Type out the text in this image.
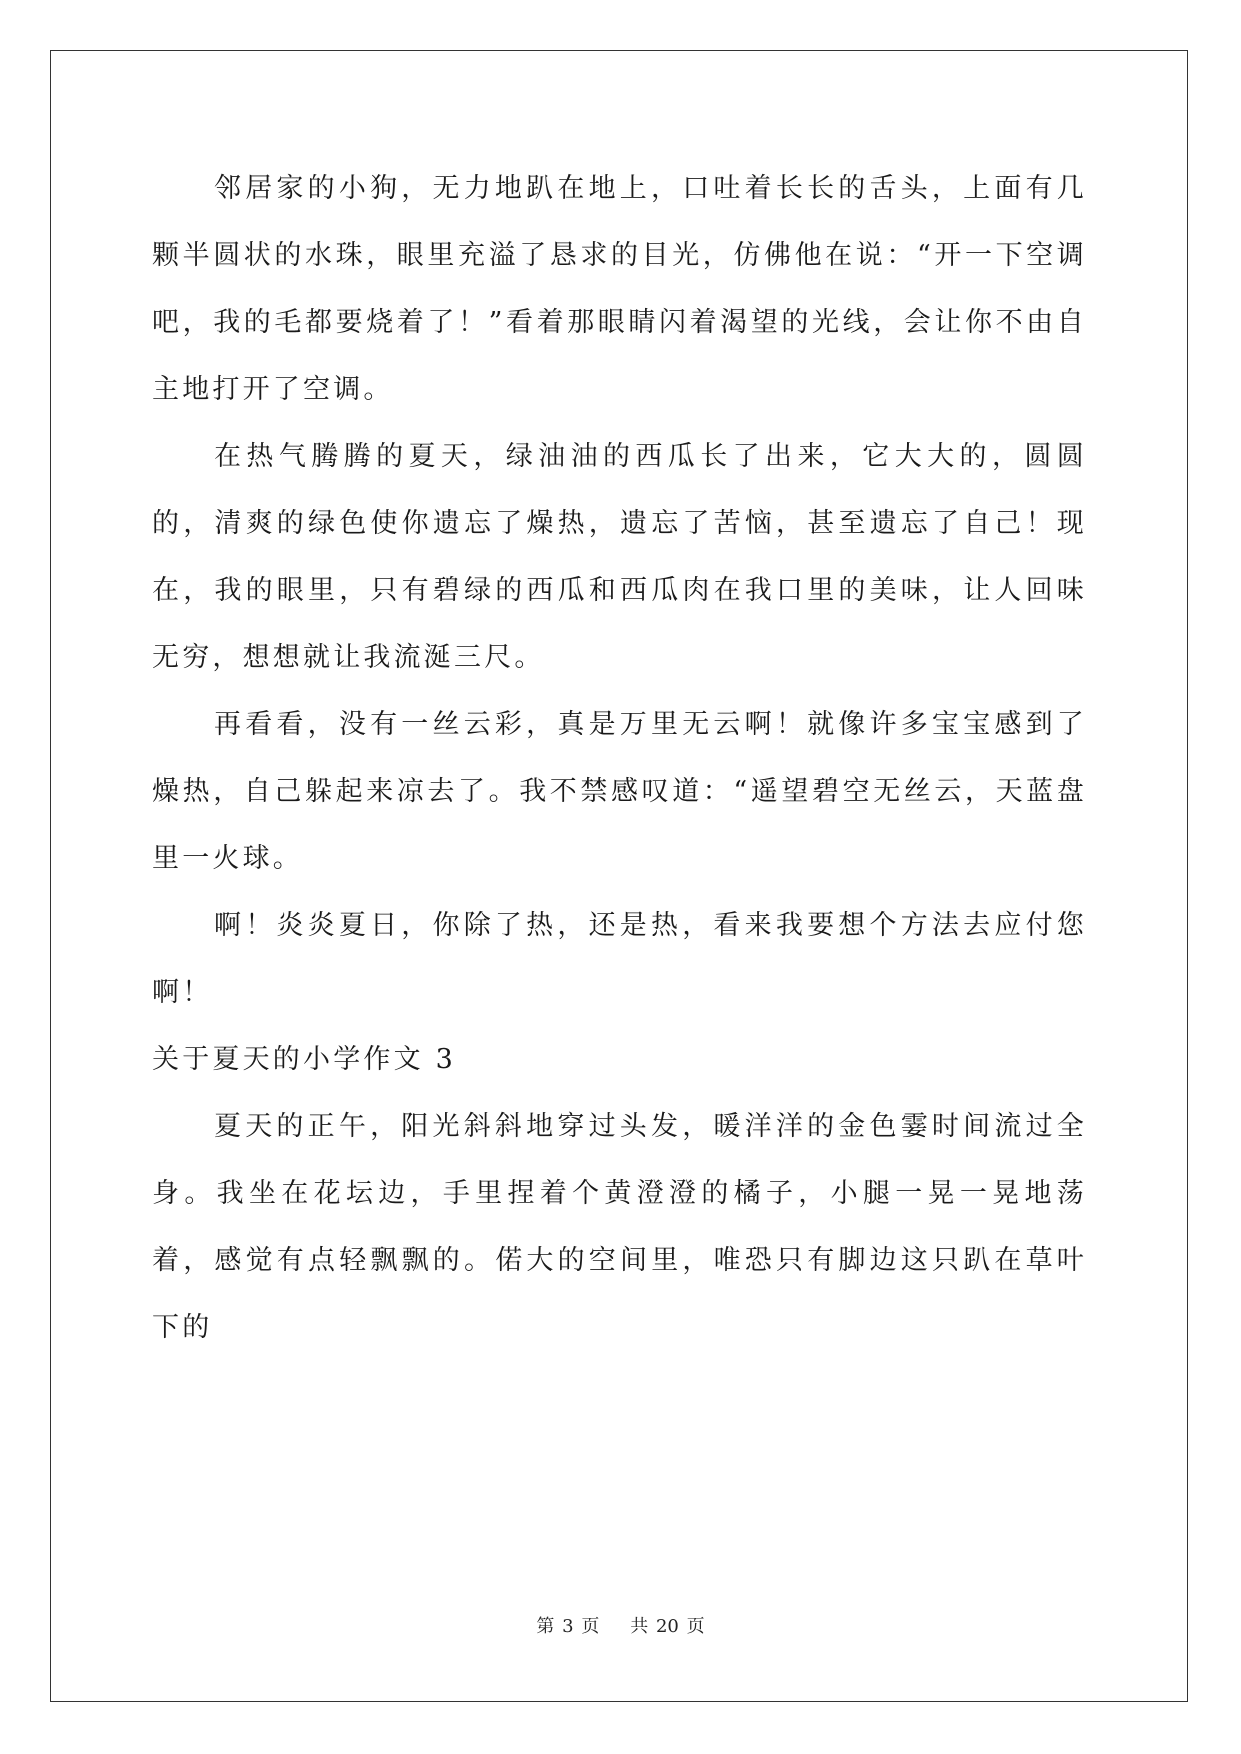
邻居家的小狗，无力地趴在地上，口吐着长长的舌头，上面有几颗半圆状的水珠，眼里充溢了恳求的目光，仿佛他在说：“开一下空调吧，我的毛都要烧着了！”看着那眼睛闪着渴望的光线，会让你不由自主地打开了空调。

在热气腾腾的夏天，绿油油的西瓜长了出来，它大大的，圆圆的，清爽的绿色使你遗忘了燥热，遗忘了苦恼，甚至遗忘了自己！现在，我的眼里，只有碧绿的西瓜和西瓜肉在我口里的美味，让人回味无穷，想想就让我流涎三尺。

再看看，没有一丝云彩，真是万里无云啊！就像许多宝宝感到了燥热，自己躲起来凉去了。我不禁感叹道：“遥望碧空无丝云，天蓝盘里一火球。

啊！炎炎夏日，你除了热，还是热，看来我要想个方法去应付您啊！

关于夏天的小学作文 3

夏天的正午，阳光斜斜地穿过头发，暖洋洋的金色霎时间流过全身。我坐在花坛边，手里捏着个黄澄澄的橘子，小腿一晃一晃地荡着，感觉有点轻飘飘的。偌大的空间里，唯恐只有脚边这只趴在草叶下的

第 3 页 共 20 页
